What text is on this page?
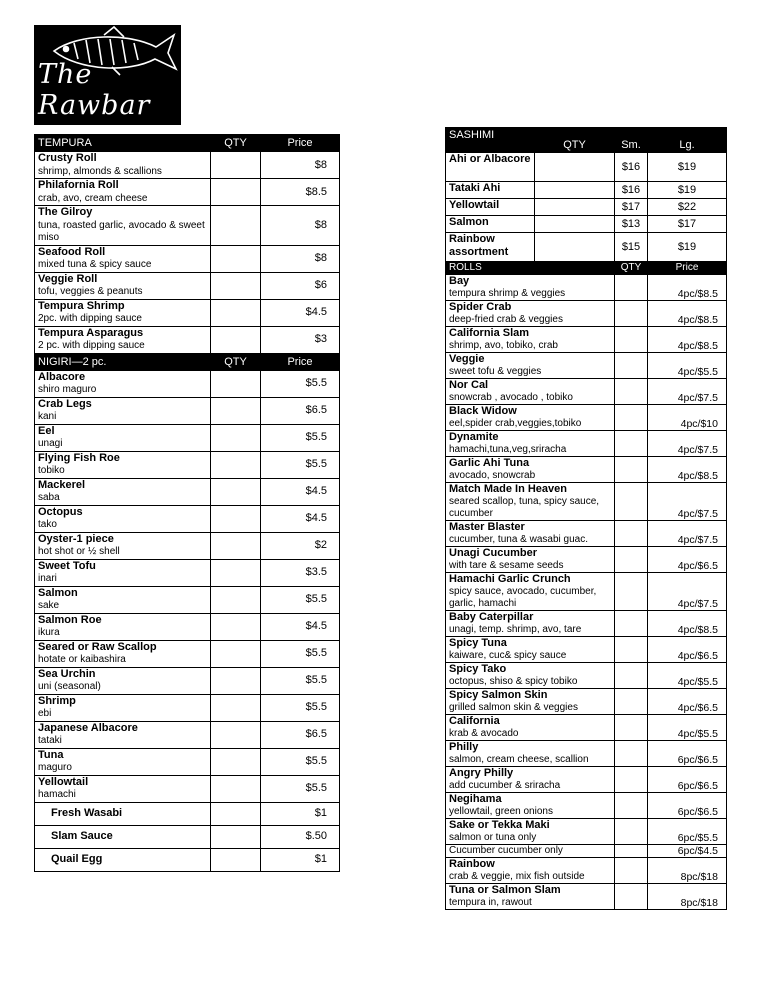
The Rawbar
TEMPURA	QTY	Price
Crusty Roll
shrimp, almonds & scallions		$8
Philafornia Roll
crab, avo, cream cheese		$8.5
The Gilroy
tuna, roasted garlic, avocado & sweet miso		$8
Seafood Roll
mixed tuna & spicy sauce		$8
Veggie Roll
tofu, veggies & peanuts		$6
Tempura Shrimp
2pc. with dipping sauce		$4.5
Tempura Asparagus
2 pc. with dipping sauce		$3
NIGIRI—2 pc.	QTY	Price
Albacore
shiro maguro		$5.5
Crab Legs
kani		$6.5
Eel
unagi		$5.5
Flying Fish Roe
tobiko		$5.5
Mackerel
saba		$4.5
Octopus
tako		$4.5
Oyster-1 piece
hot shot or ½ shell		$2
Sweet Tofu
inari		$3.5
Salmon
sake		$5.5
Salmon Roe
ikura		$4.5
Seared or Raw Scallop
hotate or kaibashira		$5.5
Sea Urchin
uni (seasonal)		$5.5
Shrimp
ebi		$5.5
Japanese Albacore
tataki		$6.5
Tuna
maguro		$5.5
Yellowtail
hamachi		$5.5
Fresh Wasabi		$1
Slam Sauce		$.50
Quail Egg		$1
SASHIMI	QTY	Sm.	Lg.
Ahi or Albacore		$16	$19
Tataki Ahi		$16	$19
Yellowtail		$17	$22
Salmon		$13	$17
Rainbow assortment		$15	$19
ROLLS		QTY	Price
Bay
tempura shrimp & veggies			4pc/$8.5
Spider Crab
deep-fried crab & veggies			4pc/$8.5
California Slam
shrimp, avo, tobiko, crab			4pc/$8.5
Veggie
sweet tofu & veggies			4pc/$5.5
Nor Cal
snowcrab , avocado , tobiko			4pc/$7.5
Black Widow
eel,spider crab,veggies,tobiko			4pc/$10
Dynamite
hamachi,tuna,veg,sriracha			4pc/$7.5
Garlic Ahi Tuna
avocado, snowcrab			4pc/$8.5
Match Made In Heaven
seared scallop, tuna, spicy sauce, cucumber			4pc/$7.5
Master Blaster
cucumber, tuna & wasabi guac.			4pc/$7.5
Unagi Cucumber
with tare & sesame seeds			4pc/$6.5
Hamachi Garlic Crunch
spicy sauce, avocado, cucumber, garlic, hamachi			4pc/$7.5
Baby Caterpillar
unagi, temp. shrimp, avo, tare			4pc/$8.5
Spicy Tuna
kaiware, cuc& spicy sauce			4pc/$6.5
Spicy Tako
octopus, shiso & spicy tobiko			4pc/$5.5
Spicy Salmon Skin
grilled salmon skin & veggies			4pc/$6.5
California
krab & avocado			4pc/$5.5
Philly
salmon, cream cheese, scallion			6pc/$6.5
Angry Philly
add cucumber & sriracha			6pc/$6.5
Negihama
yellowtail, green onions			6pc/$6.5
Sake or Tekka Maki
salmon or tuna only			6pc/$5.5
Cucumber cucumber only			6pc/$4.5
Rainbow
crab & veggie, mix fish outside			8pc/$18
Tuna or Salmon Slam
tempura in, rawout			8pc/$18
